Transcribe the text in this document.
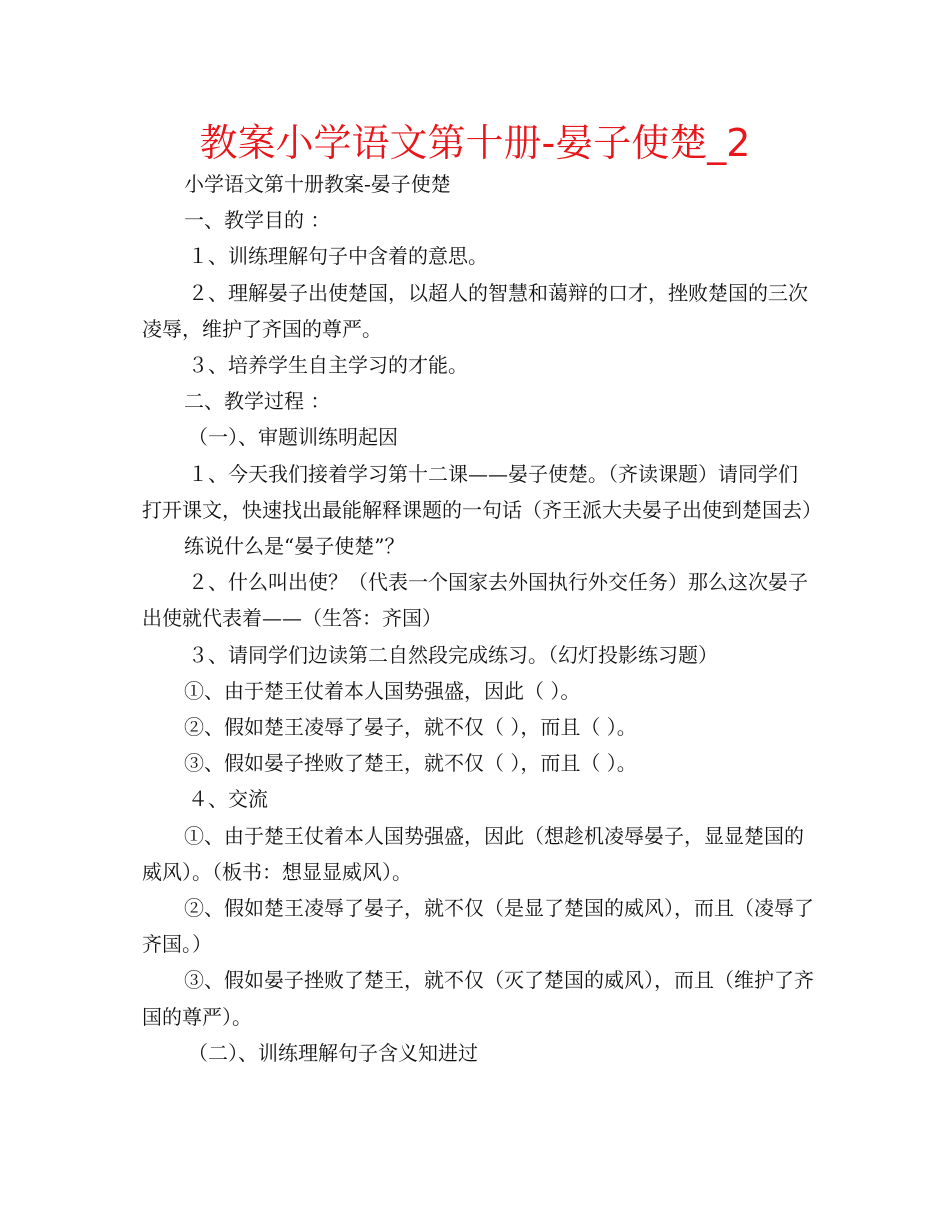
教案小学语文第十册-晏子使楚_2

小学语文第十册教案-晏子使楚

一、教学目的 ：

１、训练理解句子中含着的意思。

２、理解晏子出使楚国，以超人的智慧和蔼辩的口才，挫败楚国的三次凌辱，维护了齐国的尊严。

３、培养学生自主学习的才能。

二、教学过程 ：

（一）、审题训练明起因

１、今天我们接着学习第十二课——晏子使楚。（齐读课题）请同学们打开课文，快速找出最能解释课题的一句话（齐王派大夫晏子出使到楚国去）

练说什么是“晏子使楚”？

２、什么叫出使？（代表一个国家去外国执行外交任务）那么这次晏子出使就代表着——（生答：齐国）

３、请同学们边读第二自然段完成练习。（幻灯投影练习题）

①、由于楚王仗着本人国势强盛，因此（ ）。

②、假如楚王凌辱了晏子，就不仅（ ），而且（ ）。

③、假如晏子挫败了楚王，就不仅（ ），而且（ ）。

４、交流

①、由于楚王仗着本人国势强盛，因此（想趁机凌辱晏子，显显楚国的威风）。（板书：想显显威风）。

②、假如楚王凌辱了晏子，就不仅（是显了楚国的威风），而且（凌辱了齐国。）

③、假如晏子挫败了楚王，就不仅（灭了楚国的威风），而且（维护了齐国的尊严）。

（二）、训练理解句子含义知进过
